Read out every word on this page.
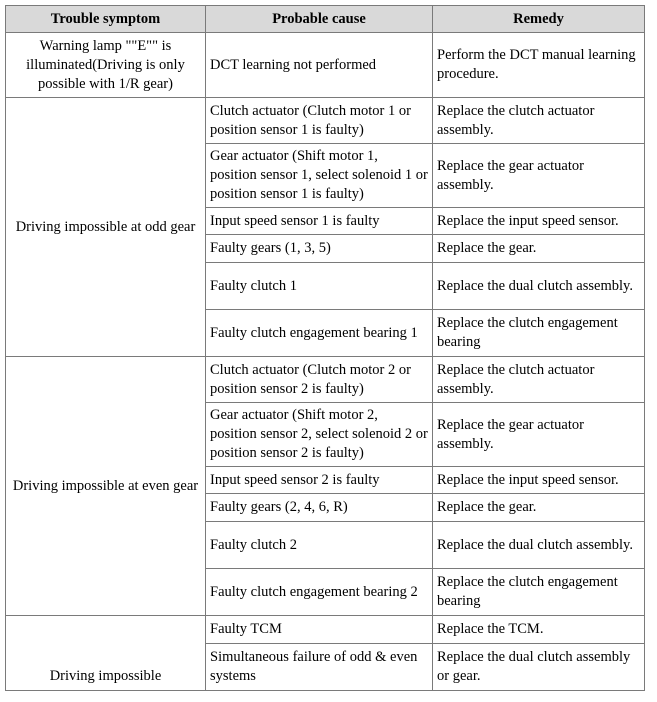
Trouble symptom	Probable cause	Remedy
Warning lamp ""E"" is illuminated(Driving is only possible with 1/R gear)	DCT learning not performed	Perform the DCT manual learning procedure.
Driving impossible at odd gear	Clutch actuator (Clutch motor 1 or position sensor 1 is faulty)	Replace the clutch actuator assembly.
	Gear actuator (Shift motor 1, position sensor 1, select solenoid 1 or position sensor 1 is faulty)	Replace the gear actuator assembly.
	Input speed sensor 1 is faulty	Replace the input speed sensor.
	Faulty gears (1, 3, 5)	Replace the gear.
	Faulty clutch 1	Replace the dual clutch assembly.
	Faulty clutch engagement bearing 1	Replace the clutch engagement bearing
Driving impossible at even gear	Clutch actuator (Clutch motor 2 or position sensor 2 is faulty)	Replace the clutch actuator assembly.
	Gear actuator (Shift motor 2, position sensor 2, select solenoid 2 or position sensor 2 is faulty)	Replace the gear actuator assembly.
	Input speed sensor 2 is faulty	Replace the input speed sensor.
	Faulty gears (2, 4, 6, R)	Replace the gear.
	Faulty clutch 2	Replace the dual clutch assembly.
	Faulty clutch engagement bearing 2	Replace the clutch engagement bearing
Driving impossible	Faulty TCM	Replace the TCM.
	Simultaneous failure of odd & even systems	Replace the dual clutch assembly or gear.
